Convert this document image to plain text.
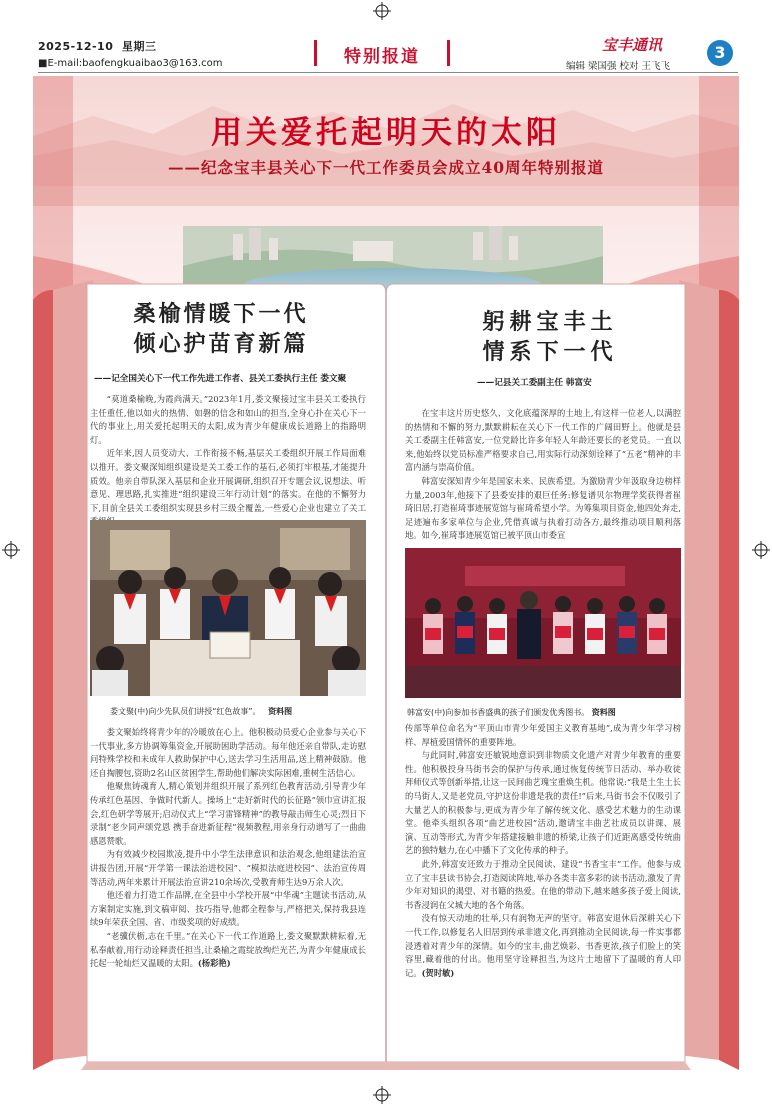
2025-12-10 星期三
■E-mail:baofengkuaibao3@163.com	特别报道
宝丰通讯
编辑 梁国强 校对 王飞飞
3
用关爱托起明天的太阳
——纪念宝丰县关心下一代工作委员会成立40周年特别报道
桑榆情暖下一代
倾心护苗育新篇
——记全国关心下一代工作先进工作者、县关工委执行主任 娄文聚

“莫道桑榆晚,为霞尚满天。”2023年1月,娄文聚接过宝丰县关工委执行主任重任,他以如火的热情、如磐的信念和如山的担当,全身心扑在关心下一代的事业上,用关爱托起明天的太阳,成为青少年健康成长道路上的指路明灯。

近年来,因人员变动大、工作衔接不畅,基层关工委组织开展工作局面难以推开。娄文聚深知组织建设是关工委工作的基石,必须打牢根基,才能提升质效。他亲自带队深入基层和企业开展调研,组织召开专题会议,说想法、听意见、理思路,扎实推进“组织建设三年行动计划”的落实。在他的不懈努力下,目前全县关工委组织实现县乡村三级全覆盖,一些爱心企业也建立了关工

娄文聚(中)向少先队员们讲授“红色故事”。 资料图

娄文聚始终将青少年的冷暖放在心上。他积极动员爱心企业参与关心下一代事业,多方协调筹集资金,开展助困助学活动。每年他还亲自带队,走访慰问特殊学校和未成年人救助保护中心,送去学习生活用品,送上精神鼓励。他还自掏腰包,资助2名山区贫困学生,帮助他们解决实际困难,重树生活信心。

他聚焦铸魂育人,精心策划并组织开展了系列红色教育活动,引导青少年传承红色基因、争做时代新人。操场上“走好新时代的长征路”领巾宣讲汇报会,红色研学等展开;启动仪式上“学习雷锋精神”的教导敲击师生心灵;烈日下录制“老少同声颂党恩 携手奋进新征程”视频教程,用亲身行动谱写了一曲曲感恩赞歌。

为有效减少校园欺凌,提升中小学生法律意识和法治观念,他组建法治宣讲报告团,开展“开学第一课法治进校园”、“模拟法庭进校园”、法治宣传周等活动,两年来累计开展法治宣讲210余场次,受教育师生达9万余人次。

他还着力打造工作品牌,在全县中小学校开展“中华魂”主题读书活动,从方案制定实施,到文稿审阅、技巧指导,他都全程参与,严格把关,保持我县连续9年荣获全国、省、市级奖项的好成绩。

“老骥伏枥,志在千里。”在关心下一代工作道路上,娄文聚默默耕耘着,无私奉献着,用行动诠释责任担当,让桑榆之霞绽放绚烂光芒,为青少年健康成长托起一轮灿烂又温暖的太阳。(杨彩艳)

躬耕宝丰土
情系下一代
——记县关工委副主任 韩富安

在宝丰这片历史悠久、文化底蕴深厚的土地上,有这样一位老人,以满腔的热情和不懈的努力,默默耕耘在关心下一代工作的广阔田野上。他就是县关工委副主任韩富安,一位党龄比许多年轻人年龄还要长的老党员。一直以来,他始终以党员标准严格要求自己,用实际行动深刻诠释了“五老”精神的丰富内涵与崇高价值。

韩富安深知青少年是国家未来、民族希望。为激励青少年汲取身边榜样力量,2003年,他接下了县委安排的艰巨任务:修复谱贝尔物理学奖获得者崔琦旧居,打造崔琦事迹展览馆与崔琦希望小学。为筹集项目资金,他四处奔走,足迹遍布多家单位与企业,凭借真诚与执着打动各方,最终推动项目顺利落地。如今,崔琦事迹展览馆已被平顶山市委宣

韩富安(中)向参加书香盛典的孩子们颁发优秀图书。 资料图

传部等单位命名为“平顶山市青少年爱国主义教育基地”,成为青少年学习榜样、厚植爱国情怀的重要阵地。

与此同时,韩富安还敏锐地意识到非物质文化遗产对青少年教育的重要性。他积极投身马街书会的保护与传承,通过恢复传统节日活动、举办收徒拜师仪式等创新举措,让这一民间曲艺瑰宝重焕生机。他常说:“我是土生土长的马街人,又是老党员,守护这份非遗是我的责任!”后来,马街书会不仅吸引了大量艺人的积极参与,更成为青少年了解传统文化、感受艺术魅力的生动课堂。他牵头组织各项“曲艺进校园”活动,邀请宝丰曲艺社成员以讲课、展演、互动等形式,为青少年搭建接触非遗的桥梁,让孩子们近距离感受传统曲艺的独特魅力,在心中播下了文化传承的种子。

此外,韩富安还致力于推动全民阅读、建设“书香宝丰”工作。他参与成立了宝丰县读书协会,打造阅读阵地,举办各类丰富多彩的读书活动,激发了青少年对知识的渴望、对书籍的热爱。在他的带动下,越来越多孩子爱上阅读,书香浸润在父城大地的各个角落。

没有惊天动地的壮举,只有润物无声的坚守。韩富安退休后深耕关心下一代工作,以修复名人旧居到传承非遗文化,再到推动全民阅读,每一件实事都浸透着对青少年的深情。如今的宝丰,曲艺焕彩、书香更浓,孩子们脸上的笑容里,藏着他的付出。他用坚守诠释担当,为这片土地留下了温暖的育人印记。(贺时敏)
